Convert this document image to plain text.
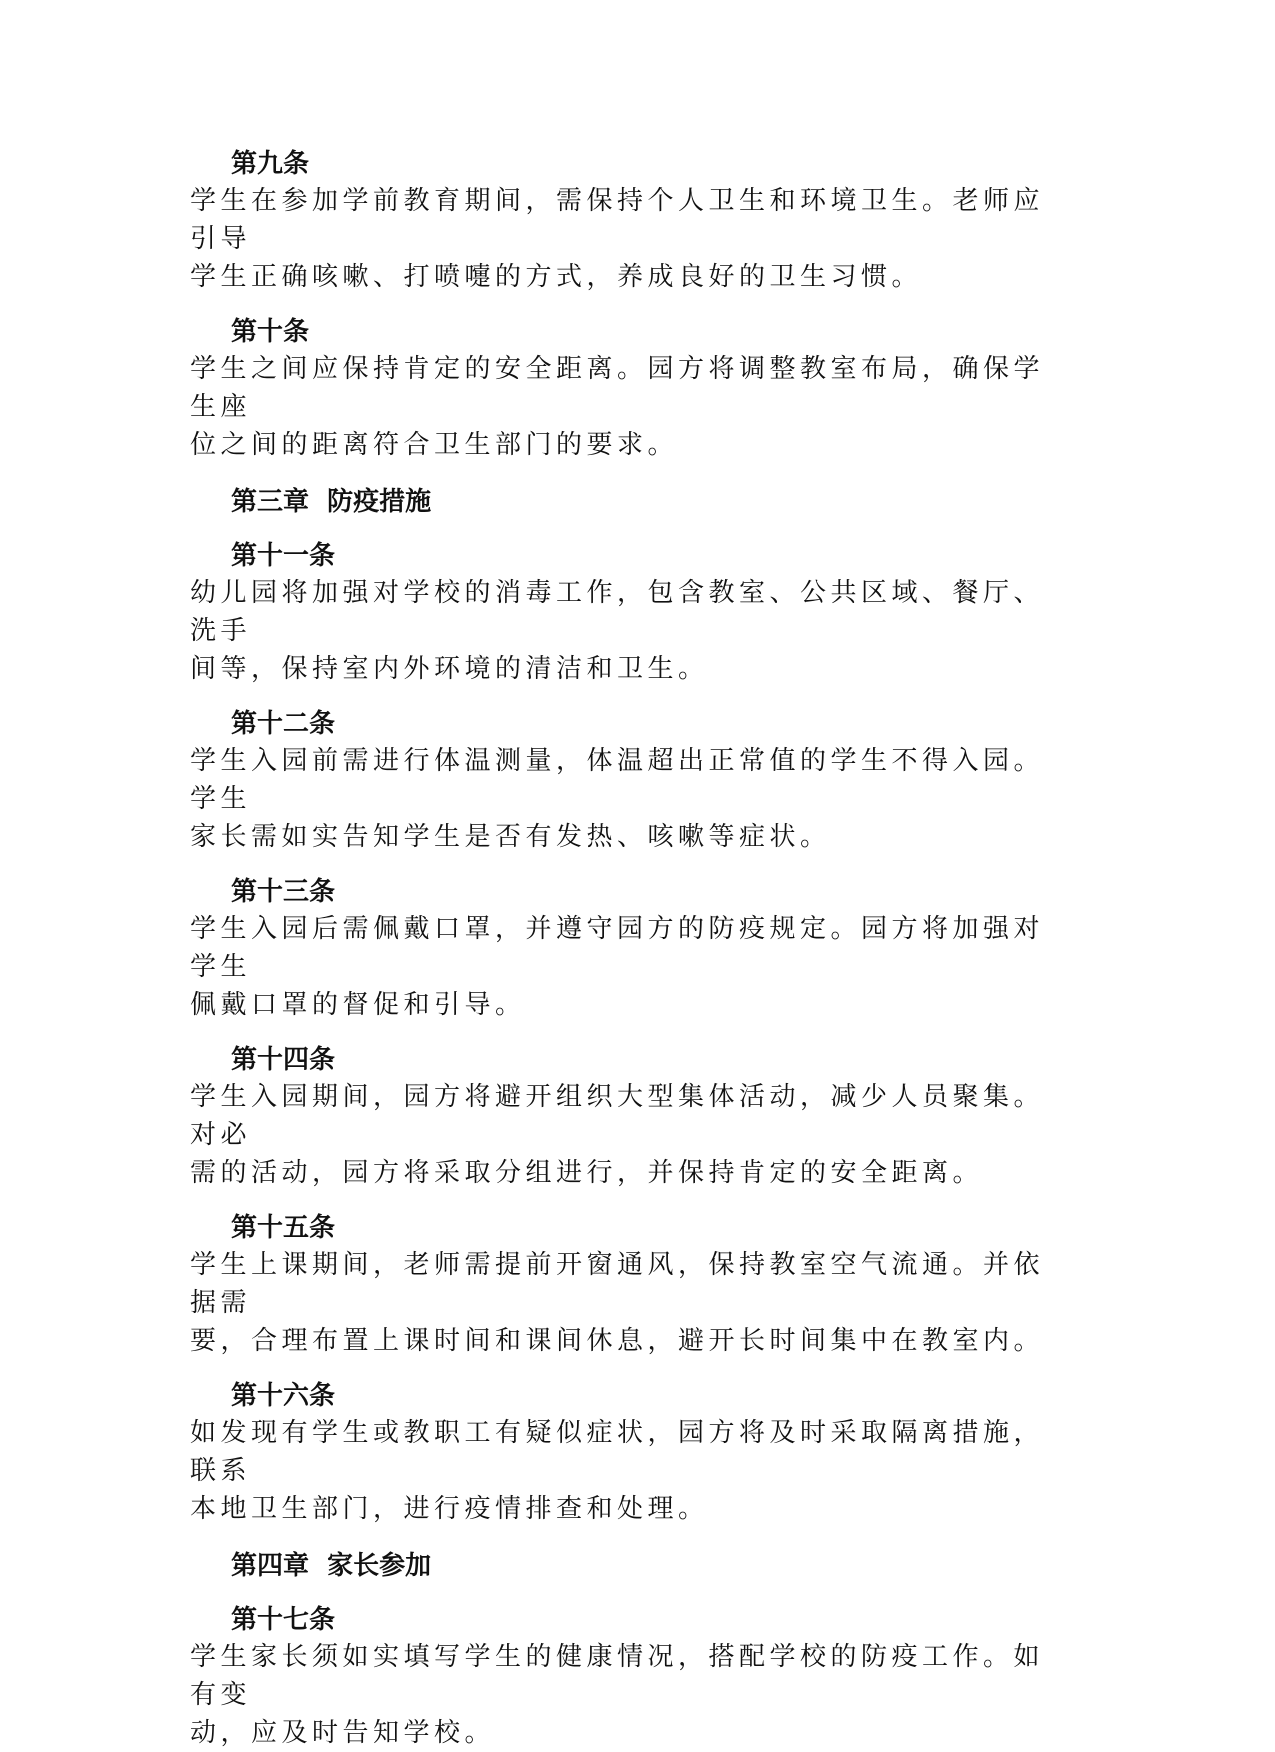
第九条

学生在参加学前教育期间，需保持个人卫生和环境卫生。老师应引导

学生正确咳嗽、打喷嚏的方式，养成良好的卫生习惯。

第十条

学生之间应保持肯定的安全距离。园方将调整教室布局，确保学生座

位之间的距离符合卫生部门的要求。

第三章  防疫措施

第十一条

幼儿园将加强对学校的消毒工作，包含教室、公共区域、餐厅、洗手

间等，保持室内外环境的清洁和卫生。

第十二条

学生入园前需进行体温测量，体温超出正常值的学生不得入园。学生

家长需如实告知学生是否有发热、咳嗽等症状。

第十三条

学生入园后需佩戴口罩，并遵守园方的防疫规定。园方将加强对学生

佩戴口罩的督促和引导。

第十四条

学生入园期间，园方将避开组织大型集体活动，减少人员聚集。对必

需的活动，园方将采取分组进行，并保持肯定的安全距离。

第十五条

学生上课期间，老师需提前开窗通风，保持教室空气流通。并依据需

要，合理布置上课时间和课间休息，避开长时间集中在教室内。

第十六条

如发现有学生或教职工有疑似症状，园方将及时采取隔离措施，联系

本地卫生部门，进行疫情排查和处理。

第四章  家长参加

第十七条

学生家长须如实填写学生的健康情况，搭配学校的防疫工作。如有变

动，应及时告知学校。
